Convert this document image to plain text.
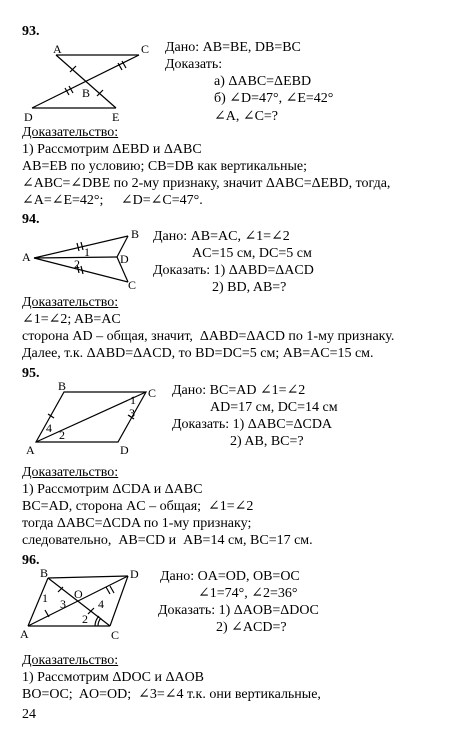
93.
A	C
B
D	E
Дано: AB=BE, DB=BC
Доказать:
а) ΔABC=ΔEBD
б) ∠D=47°, ∠E=42°
∠A, ∠C=?
Доказательство:
1) Рассмотрим ΔEBD и ΔABC
AB=EB по условию; CB=DB как вертикальные;
∠ABC=∠DBE по 2-му признаку, значит ΔABC=ΔEBD, тогда,
∠A=∠E=42°;     ∠D=∠C=47°.
94.
B
A	1
2	D
C
Дано: AB=AC, ∠1=∠2
AC=15 см, DC=5 см
Доказать: 1) ΔABD=ΔACD
2) BD, AB=?
Доказательство:
∠1=∠2; AB=AC
сторона AD – общая, значит,  ΔABD=ΔACD по 1-му признаку.
Далее, т.к. ΔABD=ΔACD, то BD=DC=5 см; AB=AC=15 см.
95.
B	C
1
3
4 2
A	D
Дано: BC=AD ∠1=∠2
AD=17 см, DC=14 см
Доказать: 1) ΔABC=ΔCDA
2) AB, BC=?
Доказательство:
1) Рассмотрим ΔCDA и ΔABC
BC=AD, сторона AC – общая;  ∠1=∠2
тогда ΔABC=ΔCDA по 1-му признаку;
следовательно,  AB=CD и  AB=14 см, BC=17 см.
96.
B	D
1 O
3	4
2
A	C
Дано: OA=OD, OB=OC
∠1=74°, ∠2=36°
Доказать: 1) ΔAOB=ΔDOC
2) ∠ACD=?
Доказательство:
1) Рассмотрим ΔDOC и ΔAOB
BO=OC;  AO=OD;  ∠3=∠4 т.к. они вертикальные,
24
